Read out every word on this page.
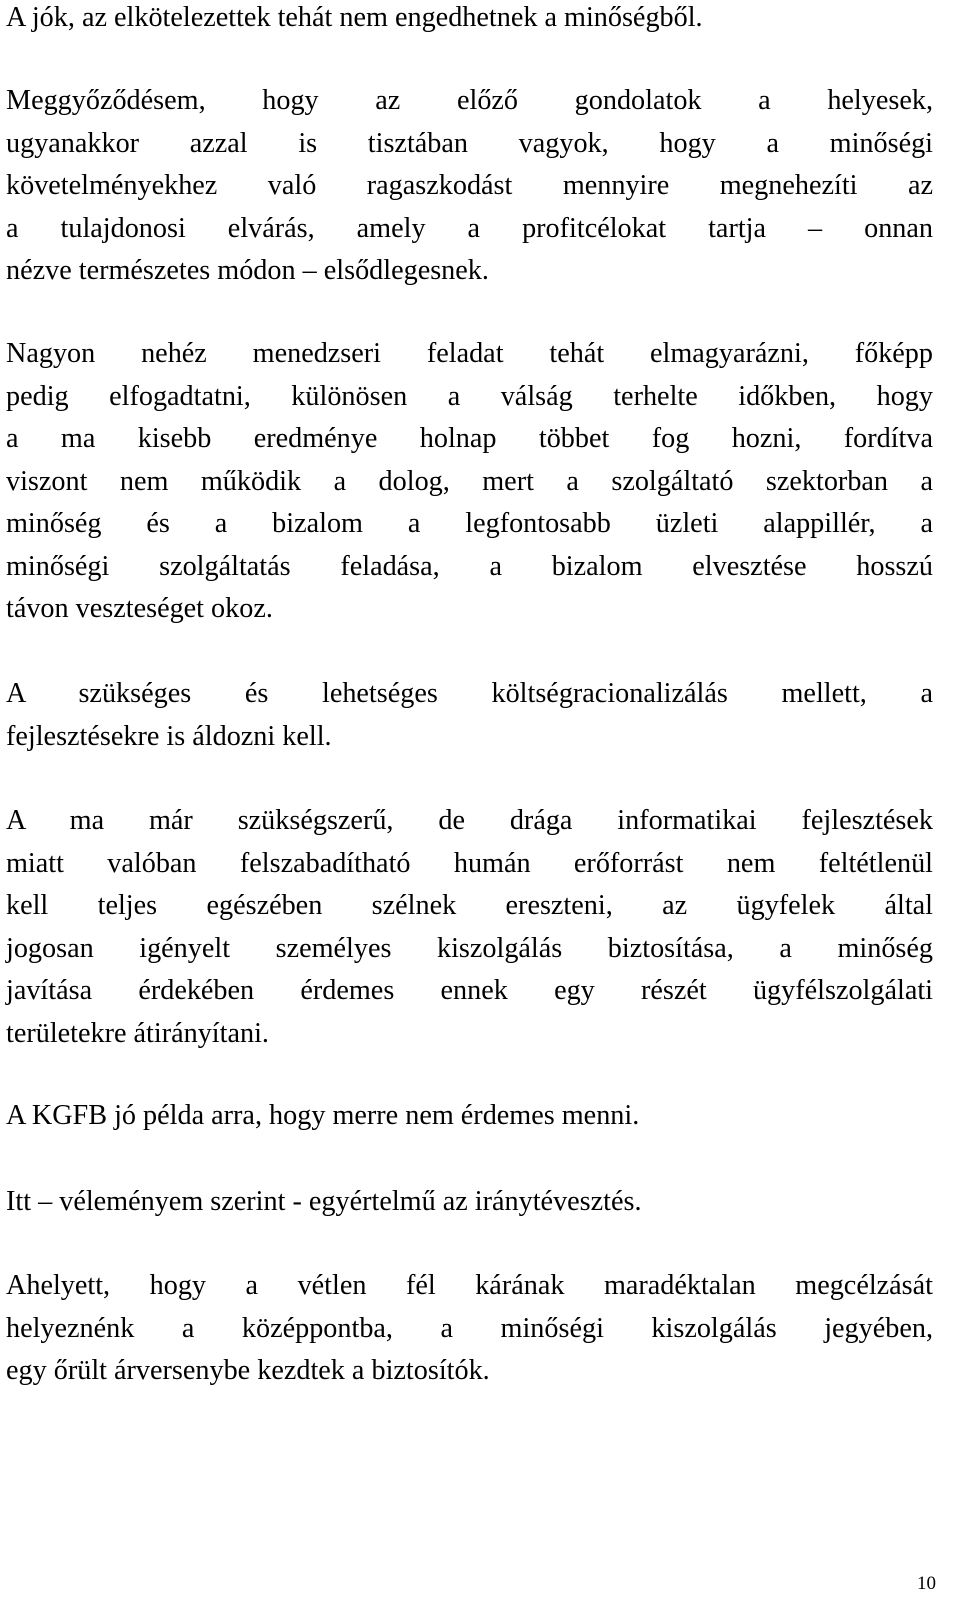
A jók, az elkötelezettek tehát nem engedhetnek a minőségből.
Meggyőződésem, hogy az előző gondolatok a helyesek,
ugyanakkor azzal is tisztában vagyok, hogy a minőségi
követelményekhez való ragaszkodást mennyire megnehezíti az
a tulajdonosi elvárás, amely a profitcélokat tartja – onnan
nézve természetes módon – elsődlegesnek.
Nagyon nehéz menedzseri feladat tehát elmagyarázni, főképp
pedig elfogadtatni, különösen a válság terhelte időkben, hogy
a ma kisebb eredménye holnap többet fog hozni, fordítva
viszont nem működik a dolog, mert a szolgáltató szektorban a
minőség és a bizalom a legfontosabb üzleti alappillér, a
minőségi szolgáltatás feladása, a bizalom elvesztése hosszú
távon veszteséget okoz.
A szükséges és lehetséges költségracionalizálás mellett, a
fejlesztésekre is áldozni kell.
A ma már szükségszerű, de drága informatikai fejlesztések
miatt valóban felszabadítható humán erőforrást nem feltétlenül
kell teljes egészében szélnek ereszteni, az ügyfelek által
jogosan igényelt személyes kiszolgálás biztosítása, a minőség
javítása érdekében érdemes ennek egy részét ügyfélszolgálati
területekre átirányítani.
A KGFB jó példa arra, hogy merre nem érdemes menni.
Itt – véleményem szerint - egyértelmű az iránytévesztés.
Ahelyett, hogy a vétlen fél kárának maradéktalan megcélzását
helyeznénk a középpontba, a minőségi kiszolgálás jegyében,
egy őrült árversenybe kezdtek a biztosítók.
10
